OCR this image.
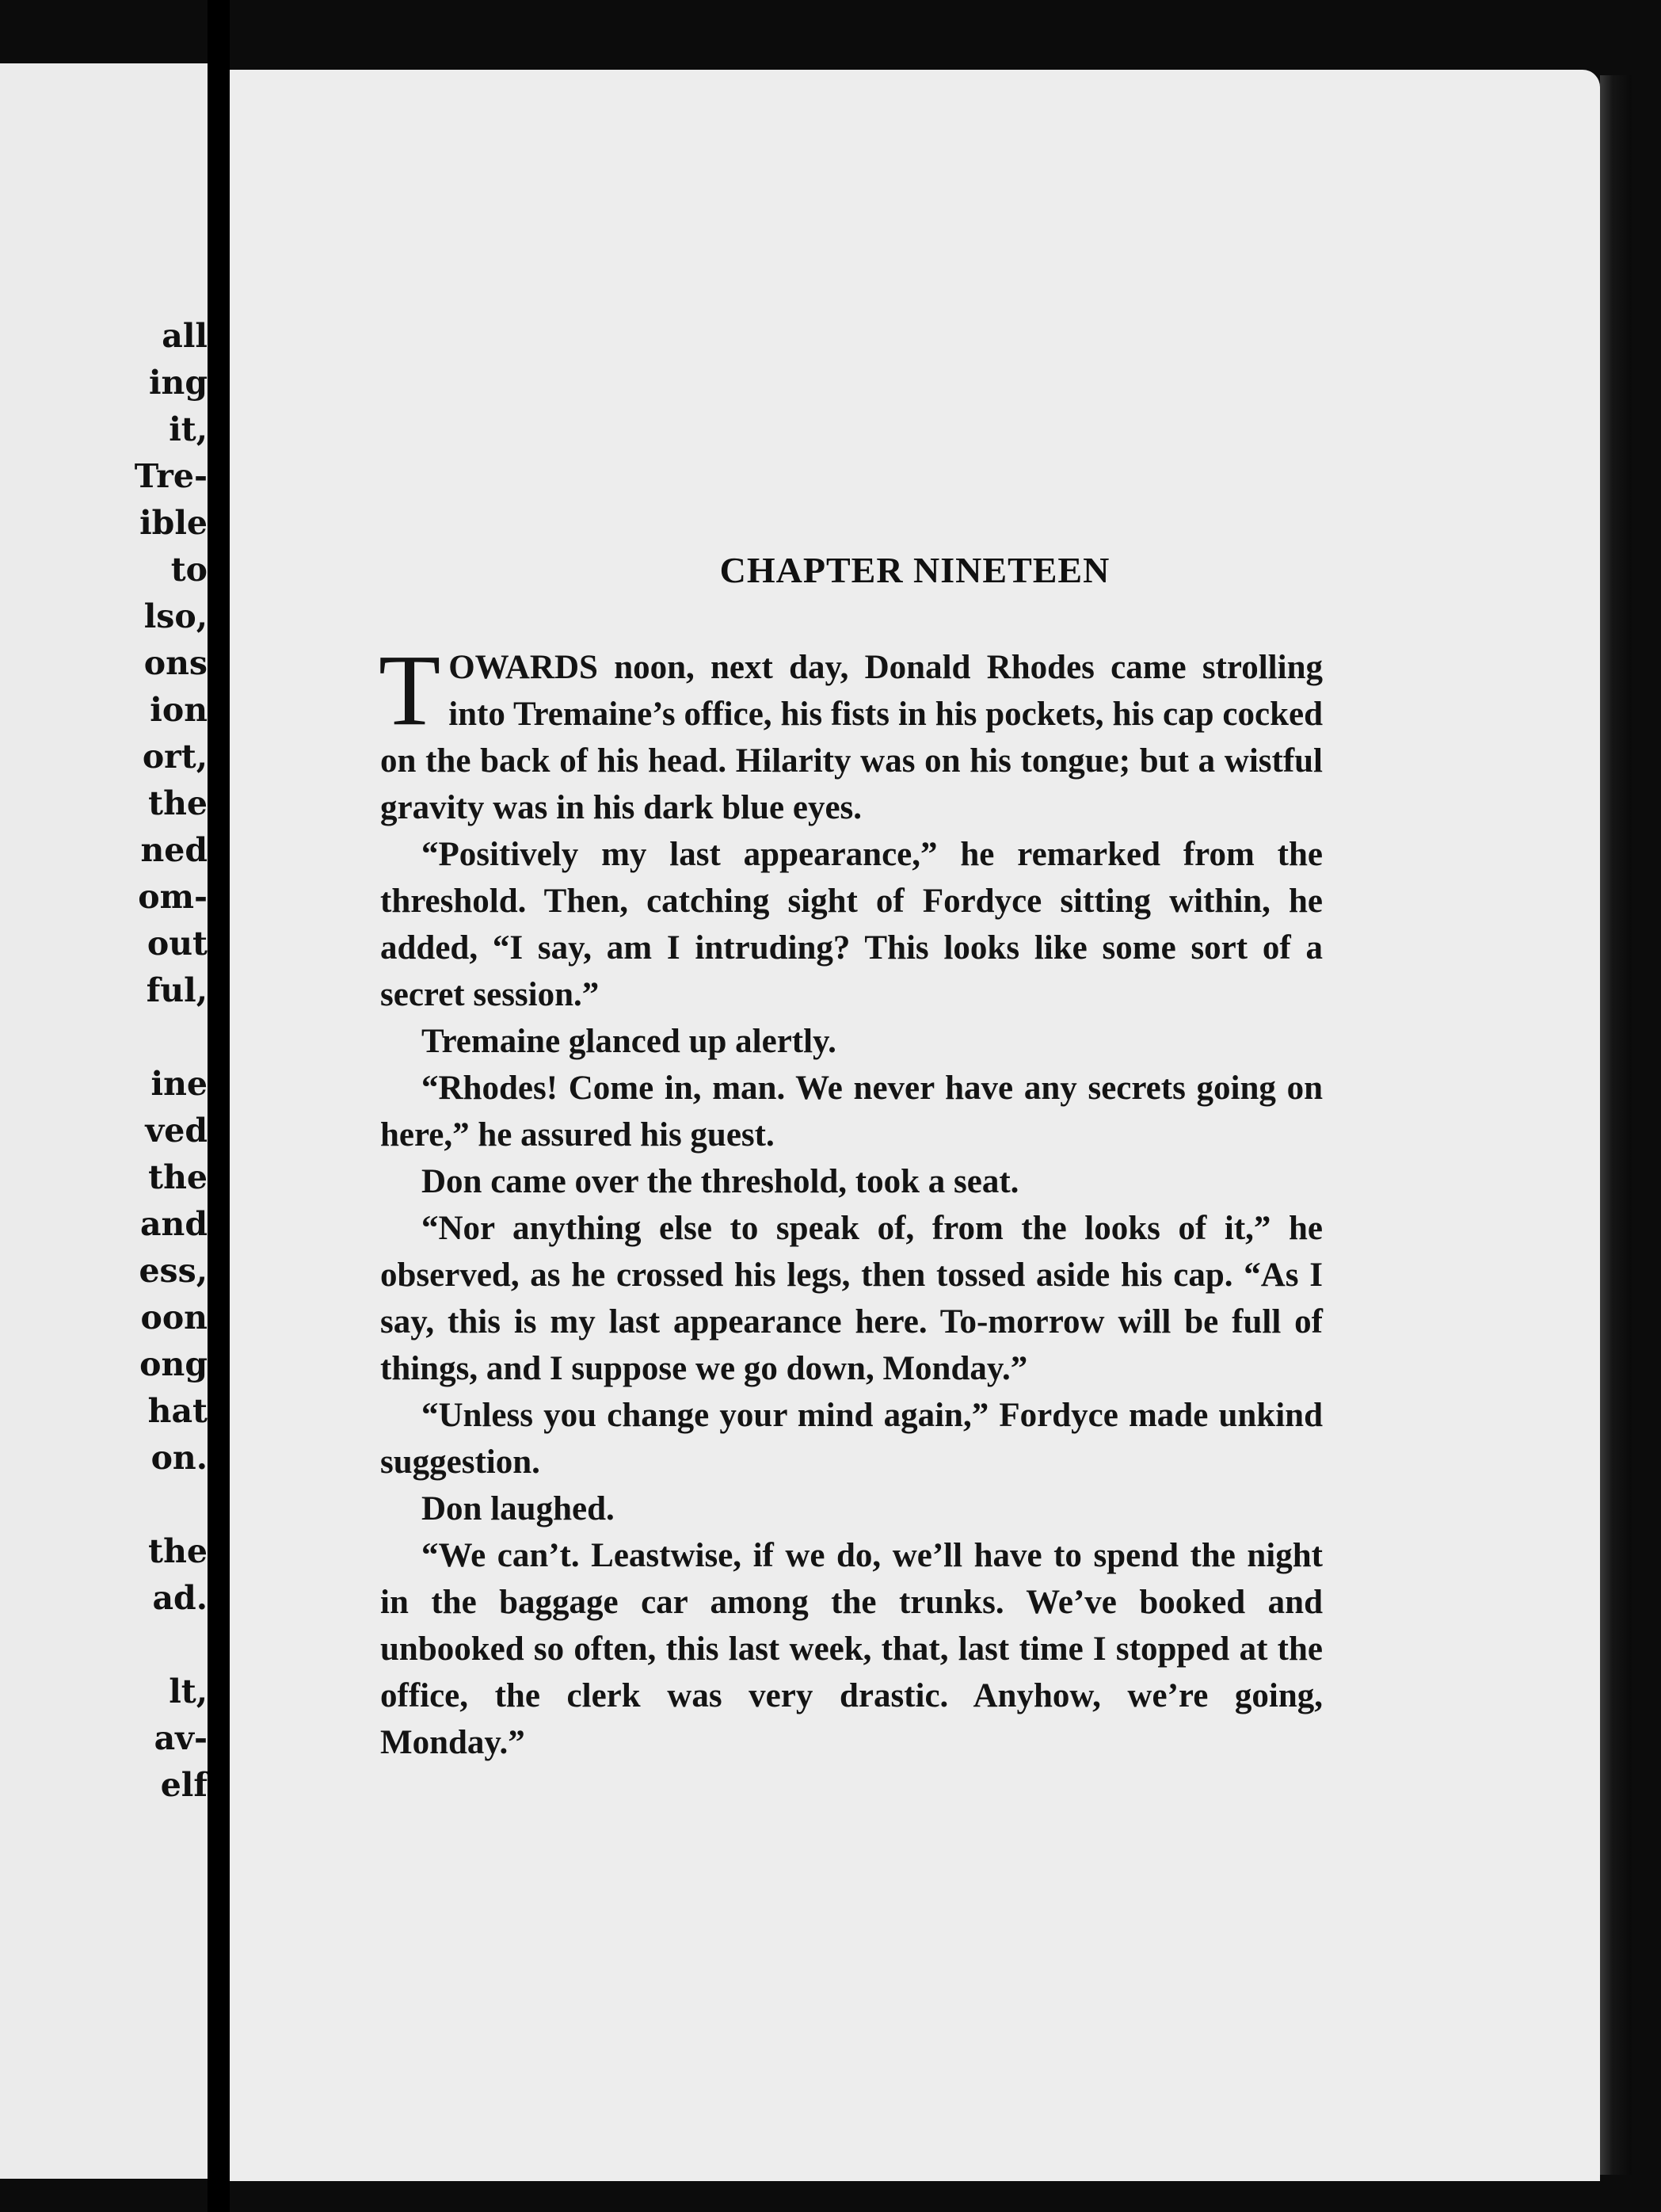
all
ing
it,
Tre-
ible
to
lso,
ons
ion
ort,
the
ned
om-
out
ful,
ine
ved
the
and
ess,
oon
ong
hat
on.
the
ad.
lt,
av-
elf
CHAPTER NINETEEN

TOWARDS noon, next day, Donald Rhodes came strolling into Tremaine’s office, his fists in his pockets, his cap cocked on the back of his head. Hilarity was on his tongue; but a wistful gravity was in his dark blue eyes.

“Positively my last appearance,” he remarked from the threshold. Then, catching sight of Fordyce sitting within, he added, “I say, am I intruding? This looks like some sort of a secret session.”

Tremaine glanced up alertly.

“Rhodes! Come in, man. We never have any secrets going on here,” he assured his guest.

Don came over the threshold, took a seat.

“Nor anything else to speak of, from the looks of it,” he observed, as he crossed his legs, then tossed aside his cap. “As I say, this is my last appearance here. To-morrow will be full of things, and I suppose we go down, Monday.”

“Unless you change your mind again,” Fordyce made unkind suggestion.

Don laughed.

“We can’t. Leastwise, if we do, we’ll have to spend the night in the baggage car among the trunks. We’ve booked and unbooked so often, this last week, that, last time I stopped at the office, the clerk was very drastic. Anyhow, we’re going, Monday.”
